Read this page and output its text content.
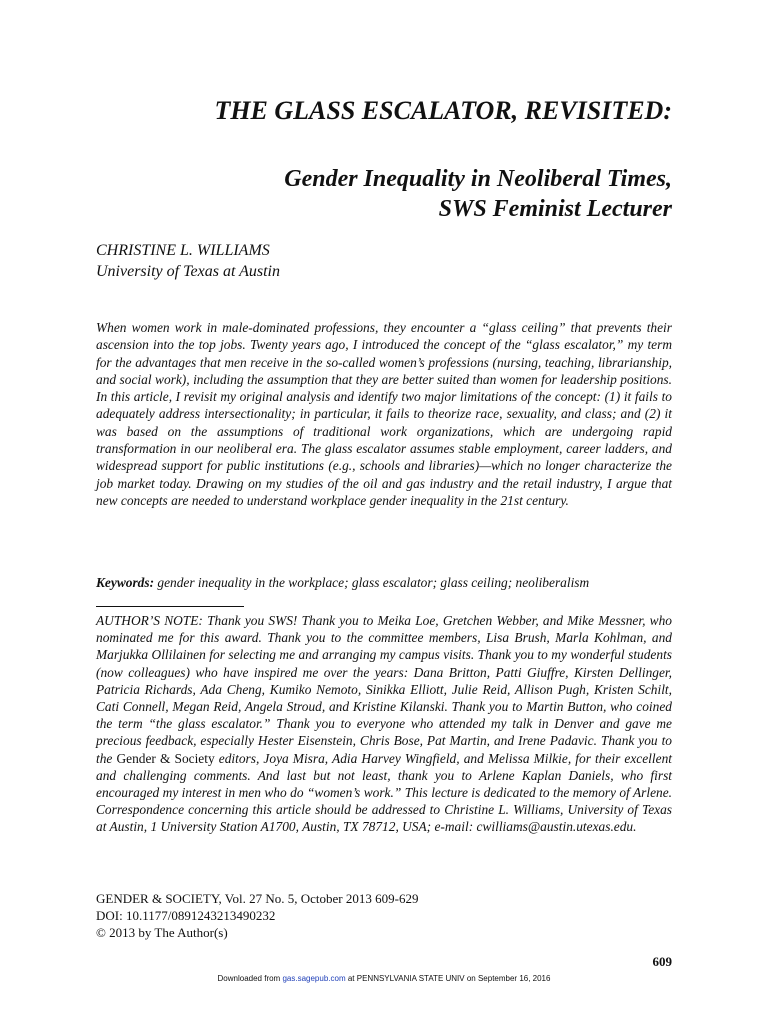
THE GLASS ESCALATOR, REVISITED:
Gender Inequality in Neoliberal Times,
SWS Feminist Lecturer
CHRISTINE L. WILLIAMS
University of Texas at Austin

When women work in male-dominated professions, they encounter a “glass ceiling” that prevents their ascension into the top jobs. Twenty years ago, I introduced the concept of the “glass escalator,” my term for the advantages that men receive in the so-called women’s professions (nursing, teaching, librarianship, and social work), including the assumption that they are better suited than women for leadership positions. In this article, I revisit my original analysis and identify two major limitations of the concept: (1) it fails to adequately address intersectionality; in particular, it fails to theorize race, sexuality, and class; and (2) it was based on the assumptions of traditional work organizations, which are undergoing rapid transformation in our neoliberal era. The glass escalator assumes stable employment, career ladders, and widespread support for public institutions (e.g., schools and libraries)—which no longer characterize the job market today. Drawing on my studies of the oil and gas industry and the retail industry, I argue that new concepts are needed to understand workplace gender inequality in the 21st century.

Keywords: gender inequality in the workplace; glass escalator; glass ceiling; neoliberalism

AUTHOR’S NOTE: Thank you SWS! Thank you to Meika Loe, Gretchen Webber, and Mike Messner, who nominated me for this award. Thank you to the committee members, Lisa Brush, Marla Kohlman, and Marjukka Ollilainen for selecting me and arranging my campus visits. Thank you to my wonderful students (now colleagues) who have inspired me over the years: Dana Britton, Patti Giuffre, Kirsten Dellinger, Patricia Richards, Ada Cheng, Kumiko Nemoto, Sinikka Elliott, Julie Reid, Allison Pugh, Kristen Schilt, Cati Connell, Megan Reid, Angela Stroud, and Kristine Kilanski. Thank you to Martin Button, who coined the term “the glass escalator.” Thank you to everyone who attended my talk in Denver and gave me precious feedback, especially Hester Eisenstein, Chris Bose, Pat Martin, and Irene Padavic. Thank you to the Gender & Society editors, Joya Misra, Adia Harvey Wingfield, and Melissa Milkie, for their excellent and challenging comments. And last but not least, thank you to Arlene Kaplan Daniels, who first encouraged my interest in men who do “women’s work.” This lecture is dedicated to the memory of Arlene. Correspondence concerning this article should be addressed to Christine L. Williams, University of Texas at Austin, 1 University Station A1700, Austin, TX 78712, USA; e-mail: cwilliams@austin.utexas.edu.

GENDER & SOCIETY, Vol. 27 No. 5, October 2013 609-629
DOI: 10.1177/0891243213490232
© 2013 by The Author(s)
609
Downloaded from gas.sagepub.com at PENNSYLVANIA STATE UNIV on September 16, 2016
